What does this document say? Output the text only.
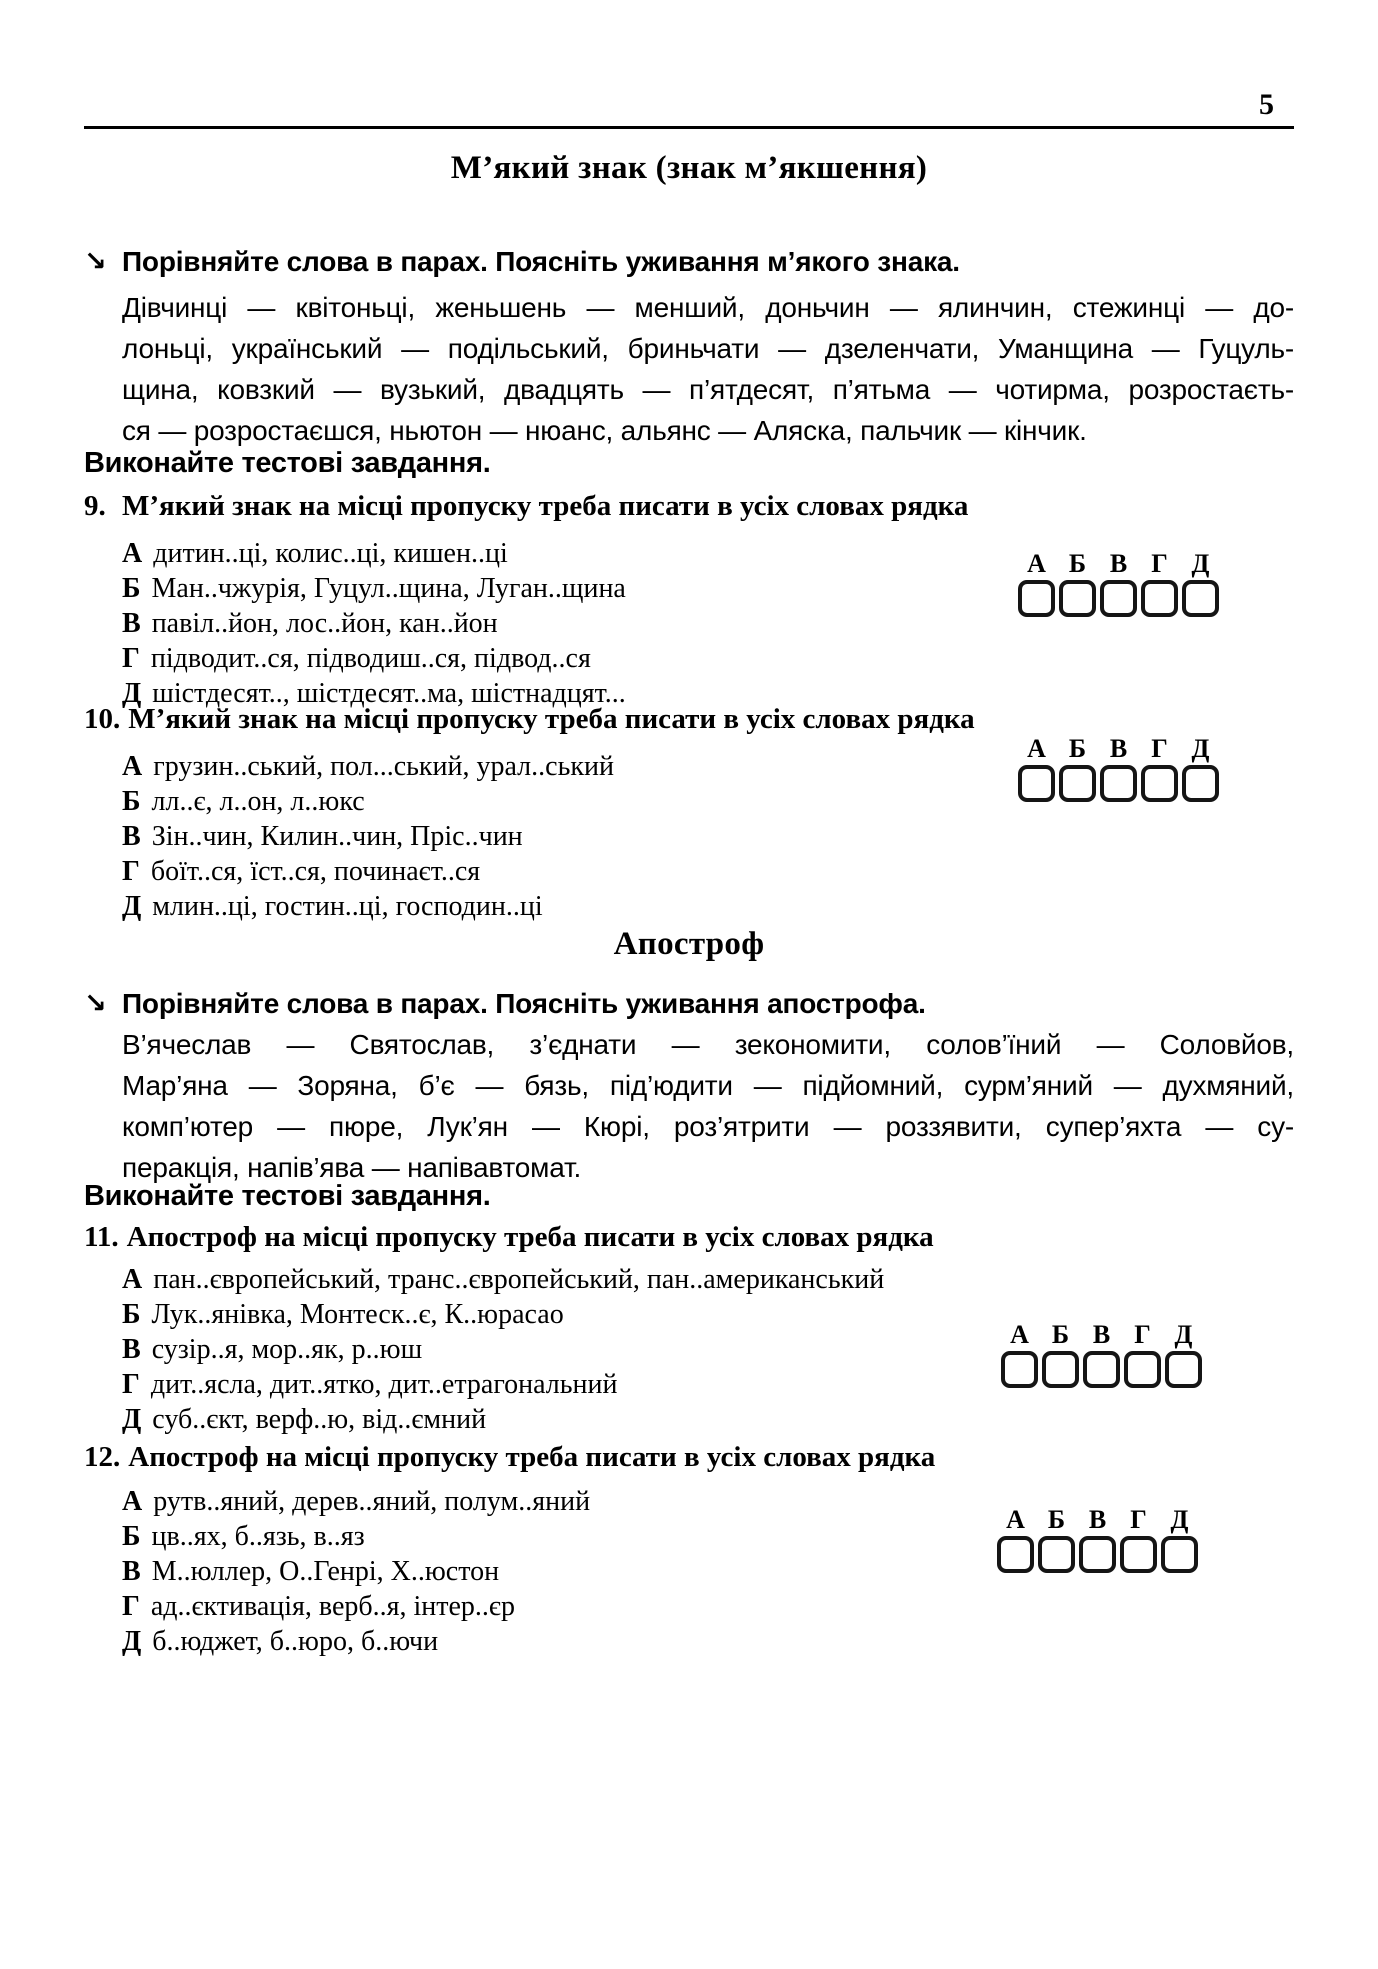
5
М’який знак (знак м’якшення)
↘ Порівняйте слова в парах. Поясніть уживання м’якого знака.
Дівчинці — квітоньці, женьшень — менший, доньчин — ялинчин, стежинці — до-
лоньці, український — подільський, бриньчати — дзеленчати, Уманщина — Гуцуль-
щина, ковзкий — вузький, двадцять — п’ятдесят, п’ятьма — чотирма, розростаєть-
ся — розростаєшся, ньютон — нюанс, альянс — Аляска, пальчик — кінчик.
Виконайте тестові завдання.
9. М’який знак на місці пропуску треба писати в усіх словах рядка
А дитин..ці, колис..ці, кишен..ці
Б Ман..чжурія, Гуцул..щина, Луган..щина
В павіл..йон, лос..йон, кан..йон
Г підводит..ся, підводиш..ся, підвод..ся
Д шістдесят.., шістдесят..ма, шістнадцят...
А Б В Г Д
10. М’який знак на місці пропуску треба писати в усіх словах рядка
А грузин..ський, пол...ський, урал..ський
Б лл..є, л..он, л..юкс
В Зін..чин, Килин..чин, Пріс..чин
Г боїт..ся, їст..ся, починаєт..ся
Д млин..ці, гостин..ці, господин..ці
А Б В Г Д
Апостроф
↘ Порівняйте слова в парах. Поясніть уживання апострофа.
В’ячеслав — Святослав, з’єднати — зекономити, солов’їний — Соловйов,
Мар’яна — Зоряна, б’є — бязь, під’юдити — підйомний, сурм’яний — духмяний,
комп’ютер — пюре, Лук’ян — Кюрі, роз’ятрити — роззявити, супер’яхта — су-
перакція, напів’ява — напівавтомат.
Виконайте тестові завдання.
11. Апостроф на місці пропуску треба писати в усіх словах рядка
А пан..європейський, транс..європейський, пан..американський
Б Лук..янівка, Монтеск..є, К..юрасао
В сузір..я, мор..як, р..юш
Г дит..ясла, дит..ятко, дит..етрагональний
Д суб..єкт, верф..ю, від..ємний
А Б В Г Д
12. Апостроф на місці пропуску треба писати в усіх словах рядка
А рутв..яний, дерев..яний, полум..яний
Б цв..ях, б..язь, в..яз
В М..юллер, О..Генрі, Х..юстон
Г ад..єктивація, верб..я, інтер..єр
Д б..юджет, б..юро, б..ючи
А Б В Г Д
